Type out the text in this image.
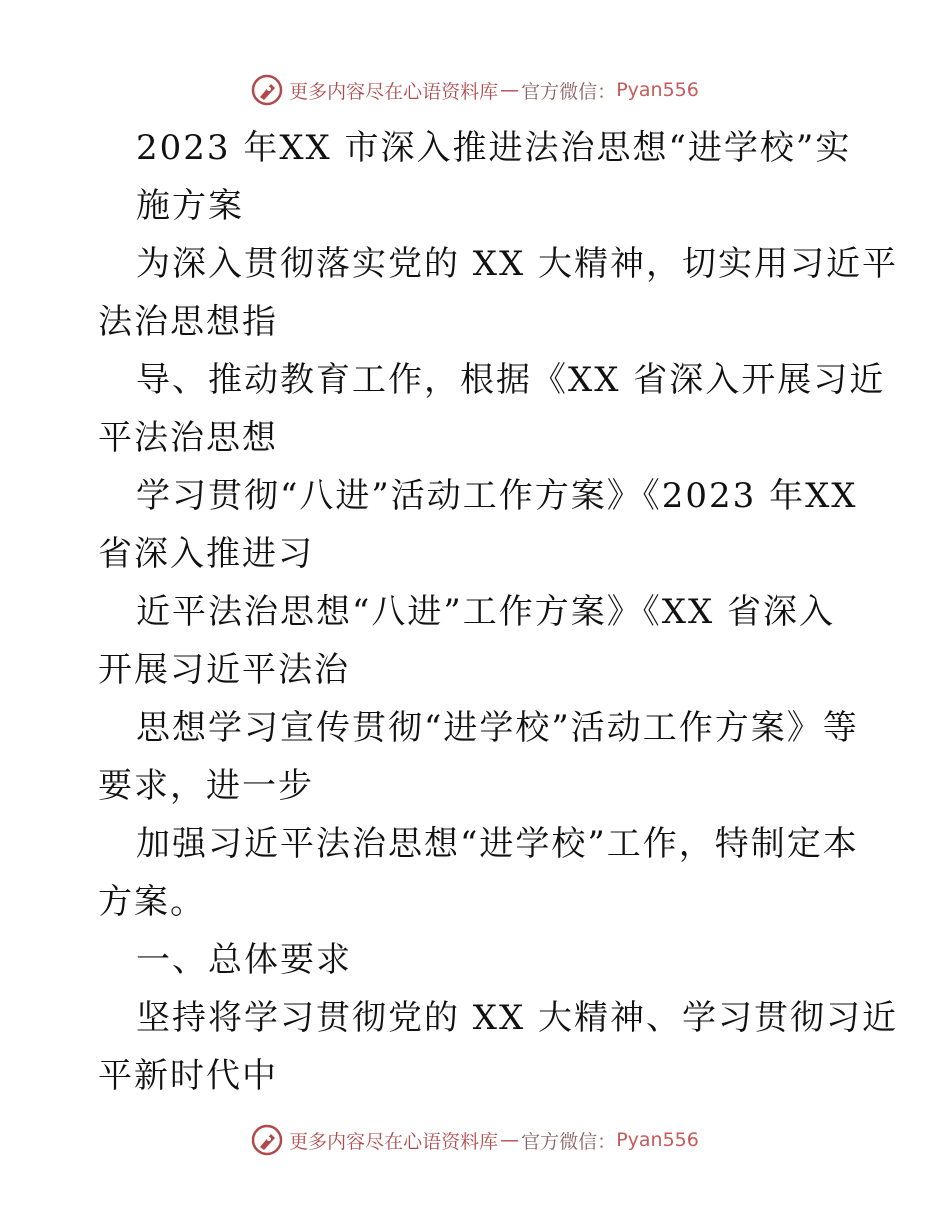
更多内容尽在心语资料库 — 官方微信： Pyan556
2023 年XX 市深入推进法治思想“进学校”实
施方案
为深入贯彻落实党的 XX 大精神，切实用习近平
法治思想指
导、推动教育工作，根据《XX 省深入开展习近
平法治思想
学习贯彻“八进”活动工作方案》《2023 年XX
省深入推进习
近平法治思想“八进”工作方案》《XX 省深入
开展习近平法治
思想学习宣传贯彻“进学校”活动工作方案》等
要求，进一步
加强习近平法治思想“进学校”工作，特制定本
方案。
一、总体要求
坚持将学习贯彻党的 XX 大精神、学习贯彻习近
平新时代中
更多内容尽在心语资料库 — 官方微信： Pyan556
